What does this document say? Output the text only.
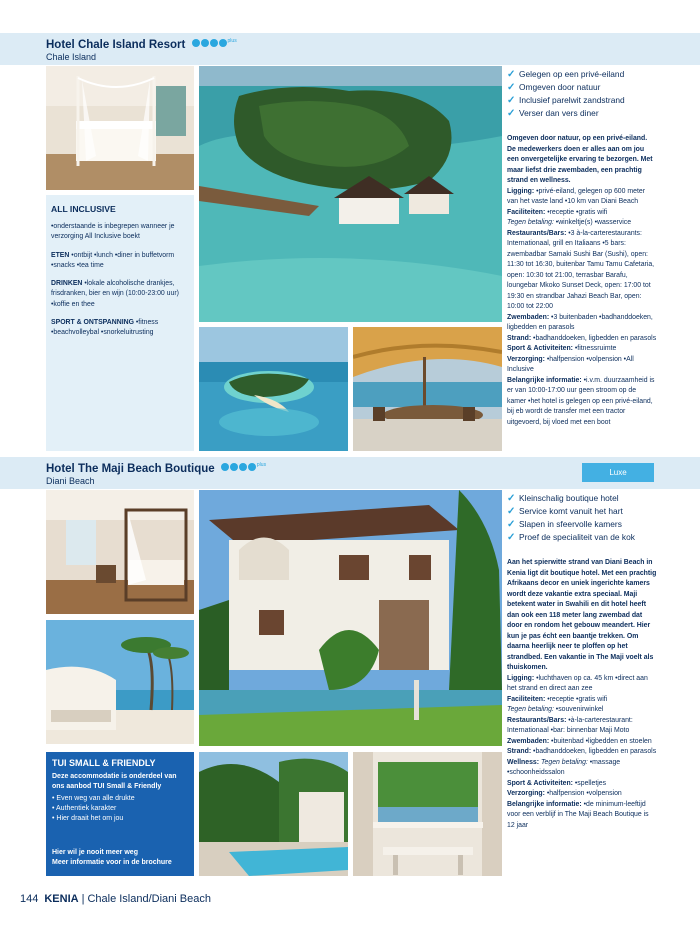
Hotel Chale Island Resort	$^{plus}$
Chale Island
ALL INCLUSIVE
•onderstaande is inbegrepen wanneer je verzorging All Inclusive boekt
ETEN •ontbijt •lunch •diner in buffetvorm •snacks •tea time
DRINKEN •lokale alcoholische drankjes, frisdranken, bier en wijn (10:00-23:00 uur) •koffie en thee
SPORT & ONTSPANNING •fitness •beachvolleybal •snorkeluitrusting
✓ Gelegen op een privé-eiland
✓ Omgeven door natuur
✓ Inclusief parelwit zandstrand
✓ Verser dan vers diner

Omgeven door natuur, op een privé-eiland. De medewerkers doen er alles aan om jou een onvergetelijke ervaring te bezorgen. Met maar liefst drie zwembaden, een prachtig strand en wellness.

Ligging: •privé-eiland, gelegen op 600 meter van het vaste land •10 km van Diani Beach

Faciliteiten: •receptie •gratis wifi

Tegen betaling: •winkeltje(s) •wasservice

Restaurants/Bars: •3 à-la-carterestaurants: Internationaal, grill en Italiaans •5 bars: zwembadbar Samaki Sushi Bar (Sushi), open: 11:30 tot 16:30, buitenbar Tamu Tamu Cafetaria, open: 10:30 tot 21:00, terrasbar Barafu, loungebar Mkoko Sunset Deck, open: 17:00 tot 19:30 en strandbar Jahazi Beach Bar, open: 10:00 tot 22:00

Zwembaden: •3 buitenbaden •badhanddoeken, ligbedden en parasols

Strand: •badhanddoeken, ligbedden en parasols

Sport & Activiteiten: •fitnessruimte

Verzorging: •halfpension •volpension •All Inclusive

Belangrijke informatie: •i.v.m. duurzaamheid is er van 10:00-17:00 uur geen stroom op de kamer •het hotel is gelegen op een privé-eiland, bij eb wordt de transfer met een tractor uitgevoerd, bij vloed met een boot

Hotel The Maji Beach Boutique	$^{plus}$
Diani Beach
Luxe
TUI SMALL & FRIENDLY
Deze accommodatie is onderdeel van ons aanbod TUI Small & Friendly
• Even weg van alle drukte
• Authentiek karakter
• Hier draait het om jou
Hier wil je nooit meer weg
Meer informatie voor in de brochure
✓ Kleinschalig boutique hotel
✓ Service komt vanuit het hart
✓ Slapen in sfeervolle kamers
✓ Proef de specialiteit van de kok

Aan het spierwitte strand van Diani Beach in Kenia ligt dit boutique hotel. Met een prachtig Afrikaans decor en uniek ingerichte kamers wordt deze vakantie extra speciaal. Maji betekent water in Swahili en dit hotel heeft dan ook een 118 meter lang zwembad dat door en rondom het gebouw meandert. Hier kun je pas écht een baantje trekken. Om daarna heerlijk neer te ploffen op het strandbed. Een vakantie in The Maji voelt als thuiskomen.

Ligging: •luchthaven op ca. 45 km •direct aan het strand en direct aan zee

Faciliteiten: •receptie •gratis wifi

Tegen betaling: •souvenirwinkel

Restaurants/Bars: •à-la-carterestaurant: Internationaal •bar: binnenbar Maji Moto

Zwembaden: •buitenbad •ligbedden en stoelen

Strand: •badhanddoeken, ligbedden en parasols

Wellness: Tegen betaling: •massage •schoonheidssalon

Sport & Activiteiten: •spelletjes

Verzorging: •halfpension •volpension

Belangrijke informatie: •de minimum-leeftijd voor een verblijf in The Maji Beach Boutique is 12 jaar

144 KENIA | Chale Island/Diani Beach
